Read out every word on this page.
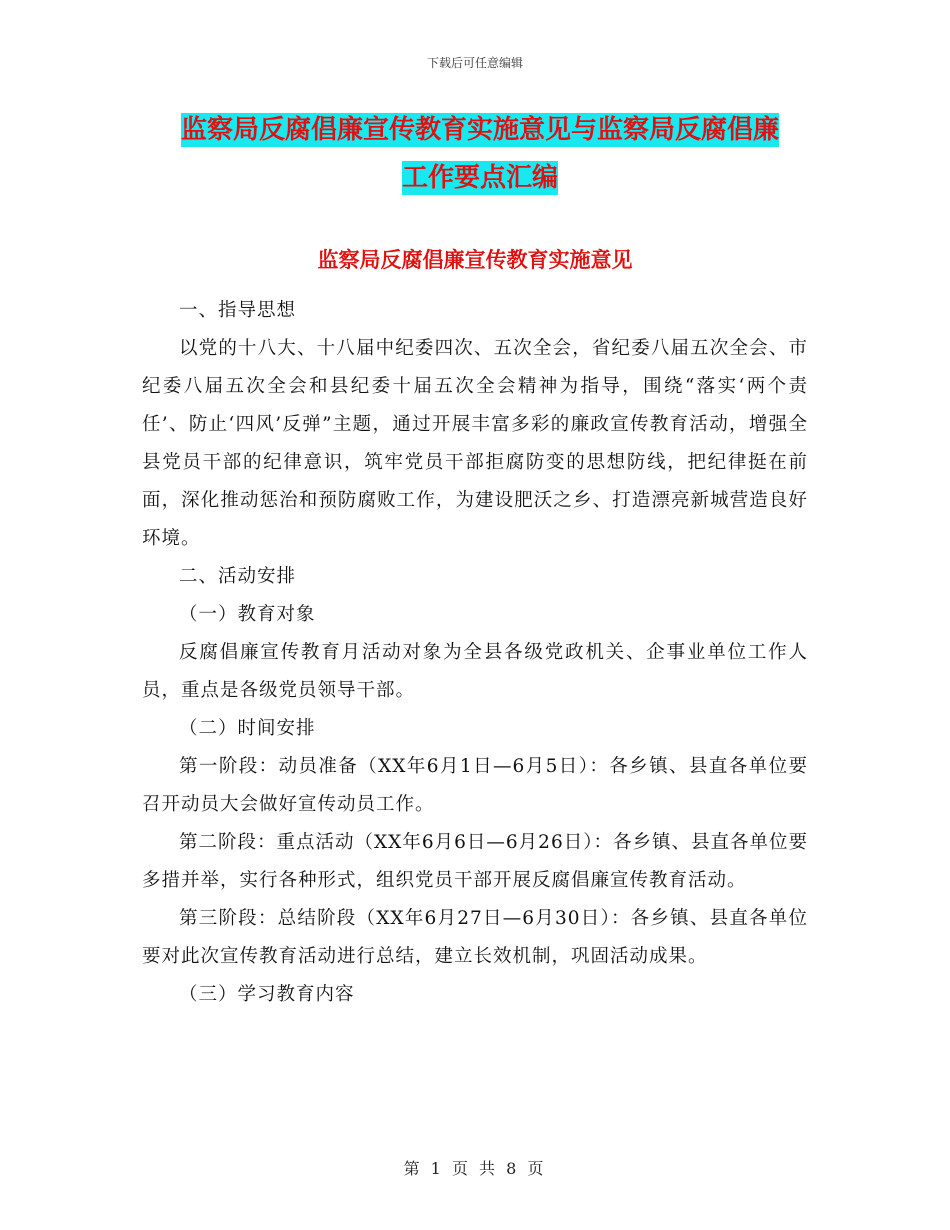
下载后可任意编辑
监察局反腐倡廉宣传教育实施意见与监察局反腐倡廉
工作要点汇编
监察局反腐倡廉宣传教育实施意见

一、指导思想

以党的十八大、十八届中纪委四次、五次全会，省纪委八届五次全会、市纪委八届五次全会和县纪委十届五次全会精神为指导，围绕“落实‘两个责任’、防止‘四风’反弹”主题，通过开展丰富多彩的廉政宣传教育活动，增强全县党员干部的纪律意识，筑牢党员干部拒腐防变的思想防线，把纪律挺在前面，深化推动惩治和预防腐败工作，为建设肥沃之乡、打造漂亮新城营造良好环境。

二、活动安排

（一）教育对象

反腐倡廉宣传教育月活动对象为全县各级党政机关、企事业单位工作人员，重点是各级党员领导干部。

（二）时间安排

第一阶段：动员准备（XX年6月1日—6月5日）：各乡镇、县直各单位要召开动员大会做好宣传动员工作。

第二阶段：重点活动（XX年6月6日—6月26日）：各乡镇、县直各单位要多措并举，实行各种形式，组织党员干部开展反腐倡廉宣传教育活动。

第三阶段：总结阶段（XX年6月27日—6月30日）：各乡镇、县直各单位要对此次宣传教育活动进行总结，建立长效机制，巩固活动成果。

（三）学习教育内容

第 1 页 共 8 页
